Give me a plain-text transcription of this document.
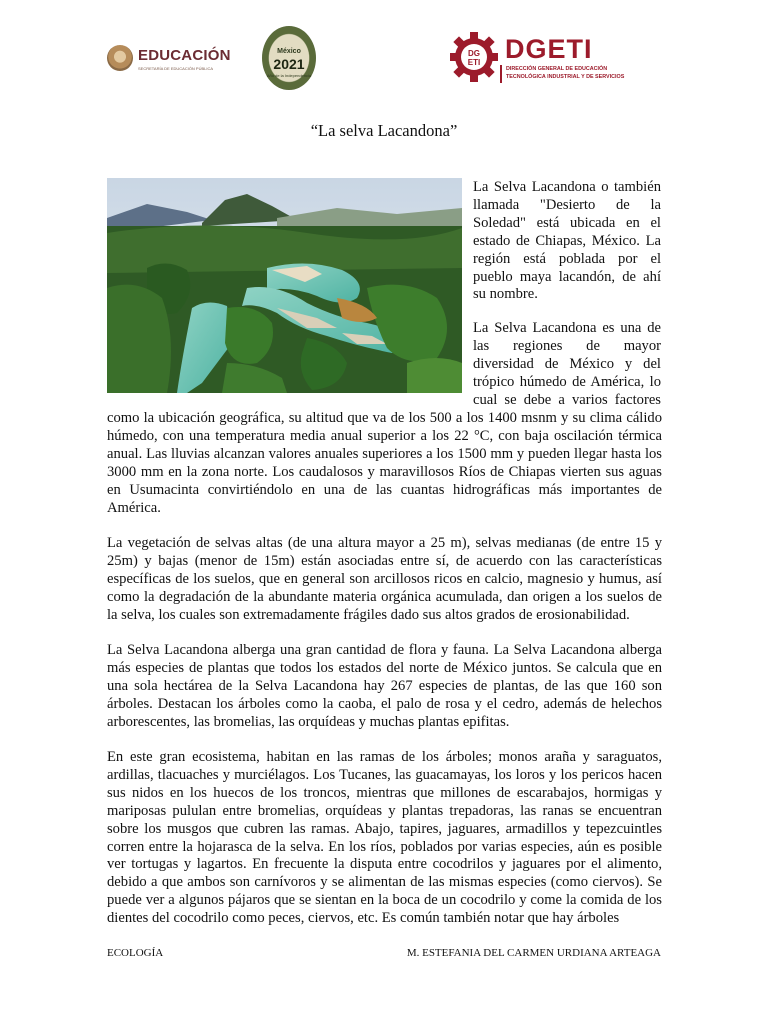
EDUCACIÓN
SECRETARÍA DE EDUCACIÓN PÚBLICA
México
2021
Año de la Independencia
DG
ETI DGETI
DIRECCIÓN GENERAL DE EDUCACIÓN
TECNOLÓGICA INDUSTRIAL Y DE SERVICIOS
“La selva Lacandona”
La Selva Lacandona o también
llamada "Desierto de la
Soledad" está ubicada en el
estado de Chiapas, México. La
región está poblada por el
pueblo maya lacandón, de ahí
su nombre.
La Selva Lacandona es una de
las regiones de mayor
diversidad de México y del
trópico húmedo de América, lo
cual se debe a varios factores

como la ubicación geográfica, su altitud que va de los 500 a los 1400 msnm y su clima cálido húmedo, con una temperatura media anual superior a los 22 °C, con baja oscilación térmica anual. Las lluvias alcanzan valores anuales superiores a los 1500 mm y pueden llegar hasta los 3000 mm en la zona norte. Los caudalosos y maravillosos Ríos de Chiapas vierten sus aguas en Usumacinta convirtiéndolo en una de las cuantas hidrográficas más importantes de América.

La vegetación de selvas altas (de una altura mayor a 25 m), selvas medianas (de entre 15 y 25m) y bajas (menor de 15m) están asociadas entre sí, de acuerdo con las características específicas de los suelos, que en general son arcillosos ricos en calcio, magnesio y humus, así como la degradación de la abundante materia orgánica acumulada, dan origen a los suelos de la selva, los cuales son extremadamente frágiles dado sus altos grados de erosionabilidad.

La Selva Lacandona alberga una gran cantidad de flora y fauna. La Selva Lacandona alberga más especies de plantas que todos los estados del norte de México juntos. Se calcula que en una sola hectárea de la Selva Lacandona hay 267 especies de plantas, de las que 160 son árboles. Destacan los árboles como la caoba, el palo de rosa y el cedro, además de helechos arborescentes, las bromelias, las orquídeas y muchas plantas epifitas.

En este gran ecosistema, habitan en las ramas de los árboles; monos araña y saraguatos, ardillas, tlacuaches y murciélagos. Los Tucanes, las guacamayas, los loros y los pericos hacen sus nidos en los huecos de los troncos, mientras que millones de escarabajos, hormigas y mariposas pululan entre bromelias, orquídeas y plantas trepadoras, las ranas se encuentran sobre los musgos que cubren las ramas. Abajo, tapires, jaguares, armadillos y tepezcuintles corren entre la hojarasca de la selva. En los ríos, poblados por varias especies, aún es posible ver tortugas y lagartos. En frecuente la disputa entre cocodrilos y jaguares por el alimento, debido a que ambos son carnívoros y se alimentan de las mismas especies (como ciervos). Se puede ver a algunos pájaros que se sientan en la boca de un cocodrilo y come la comida de los dientes del cocodrilo como peces, ciervos, etc. Es común también notar que hay árboles

ECOLOGÍA	M. ESTEFANIA DEL CARMEN URDIANA ARTEAGA
